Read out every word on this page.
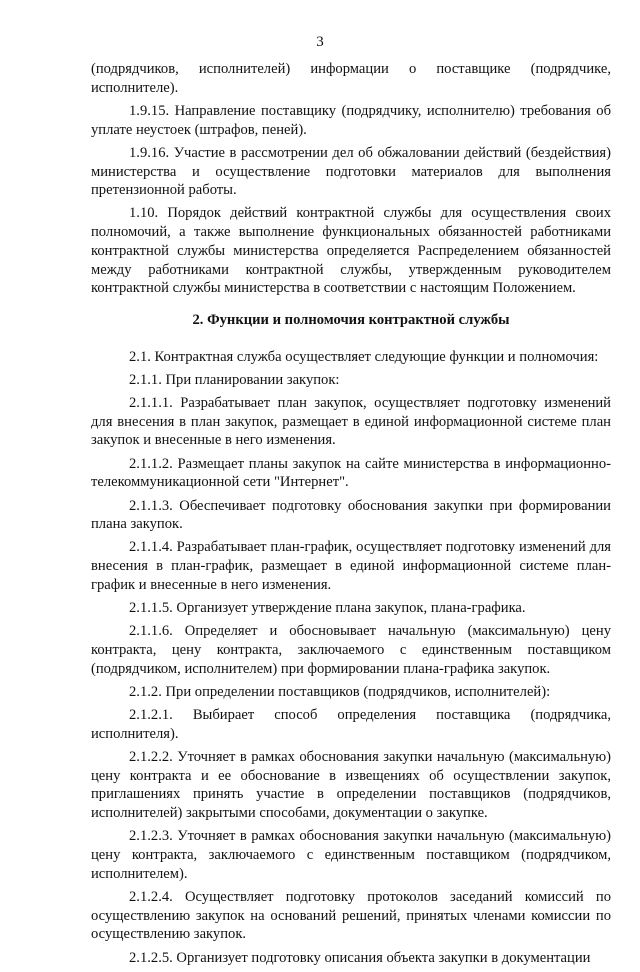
3

(подрядчиков, исполнителей) информации о поставщике (подрядчике, исполнителе).

1.9.15. Направление поставщику (подрядчику, исполнителю) требования об уплате неустоек (штрафов, пеней).

1.9.16. Участие в рассмотрении дел об обжаловании действий (бездействия) министерства и осуществление подготовки материалов для выполнения претензионной работы.

1.10. Порядок действий контрактной службы для осуществления своих полномочий, а также выполнение функциональных обязанностей работниками контрактной службы министерства определяется Распределением обязанностей между работниками контрактной службы, утвержденным руководителем контрактной службы министерства в соответствии с настоящим Положением.

2. Функции и полномочия контрактной службы

2.1. Контрактная служба осуществляет следующие функции и полномочия:

2.1.1. При планировании закупок:

2.1.1.1. Разрабатывает план закупок, осуществляет подготовку изменений для внесения в план закупок, размещает в единой информационной системе план закупок и внесенные в него изменения.

2.1.1.2. Размещает планы закупок на сайте министерства в информационно-телекоммуникационной сети "Интернет".

2.1.1.3. Обеспечивает подготовку обоснования закупки при формировании плана закупок.

2.1.1.4. Разрабатывает план-график, осуществляет подготовку изменений для внесения в план-график, размещает в единой информационной системе план-график и внесенные в него изменения.

2.1.1.5. Организует утверждение плана закупок, плана-графика.

2.1.1.6. Определяет и обосновывает начальную (максимальную) цену контракта, цену контракта, заключаемого с единственным поставщиком (подрядчиком, исполнителем) при формировании плана-графика закупок.

2.1.2. При определении поставщиков (подрядчиков, исполнителей):

2.1.2.1. Выбирает способ определения поставщика (подрядчика, исполнителя).

2.1.2.2. Уточняет в рамках обоснования закупки начальную (максимальную) цену контракта и ее обоснование в извещениях об осуществлении закупок, приглашениях принять участие в определении поставщиков (подрядчиков, исполнителей) закрытыми способами, документации о закупке.

2.1.2.3. Уточняет в рамках обоснования закупки начальную (максимальную) цену контракта, заключаемого с единственным поставщиком (подрядчиком, исполнителем).

2.1.2.4. Осуществляет подготовку протоколов заседаний комиссий по осуществлению закупок на оснований решений, принятых членами комиссии по осуществлению закупок.

2.1.2.5. Организует подготовку описания объекта закупки в документации
